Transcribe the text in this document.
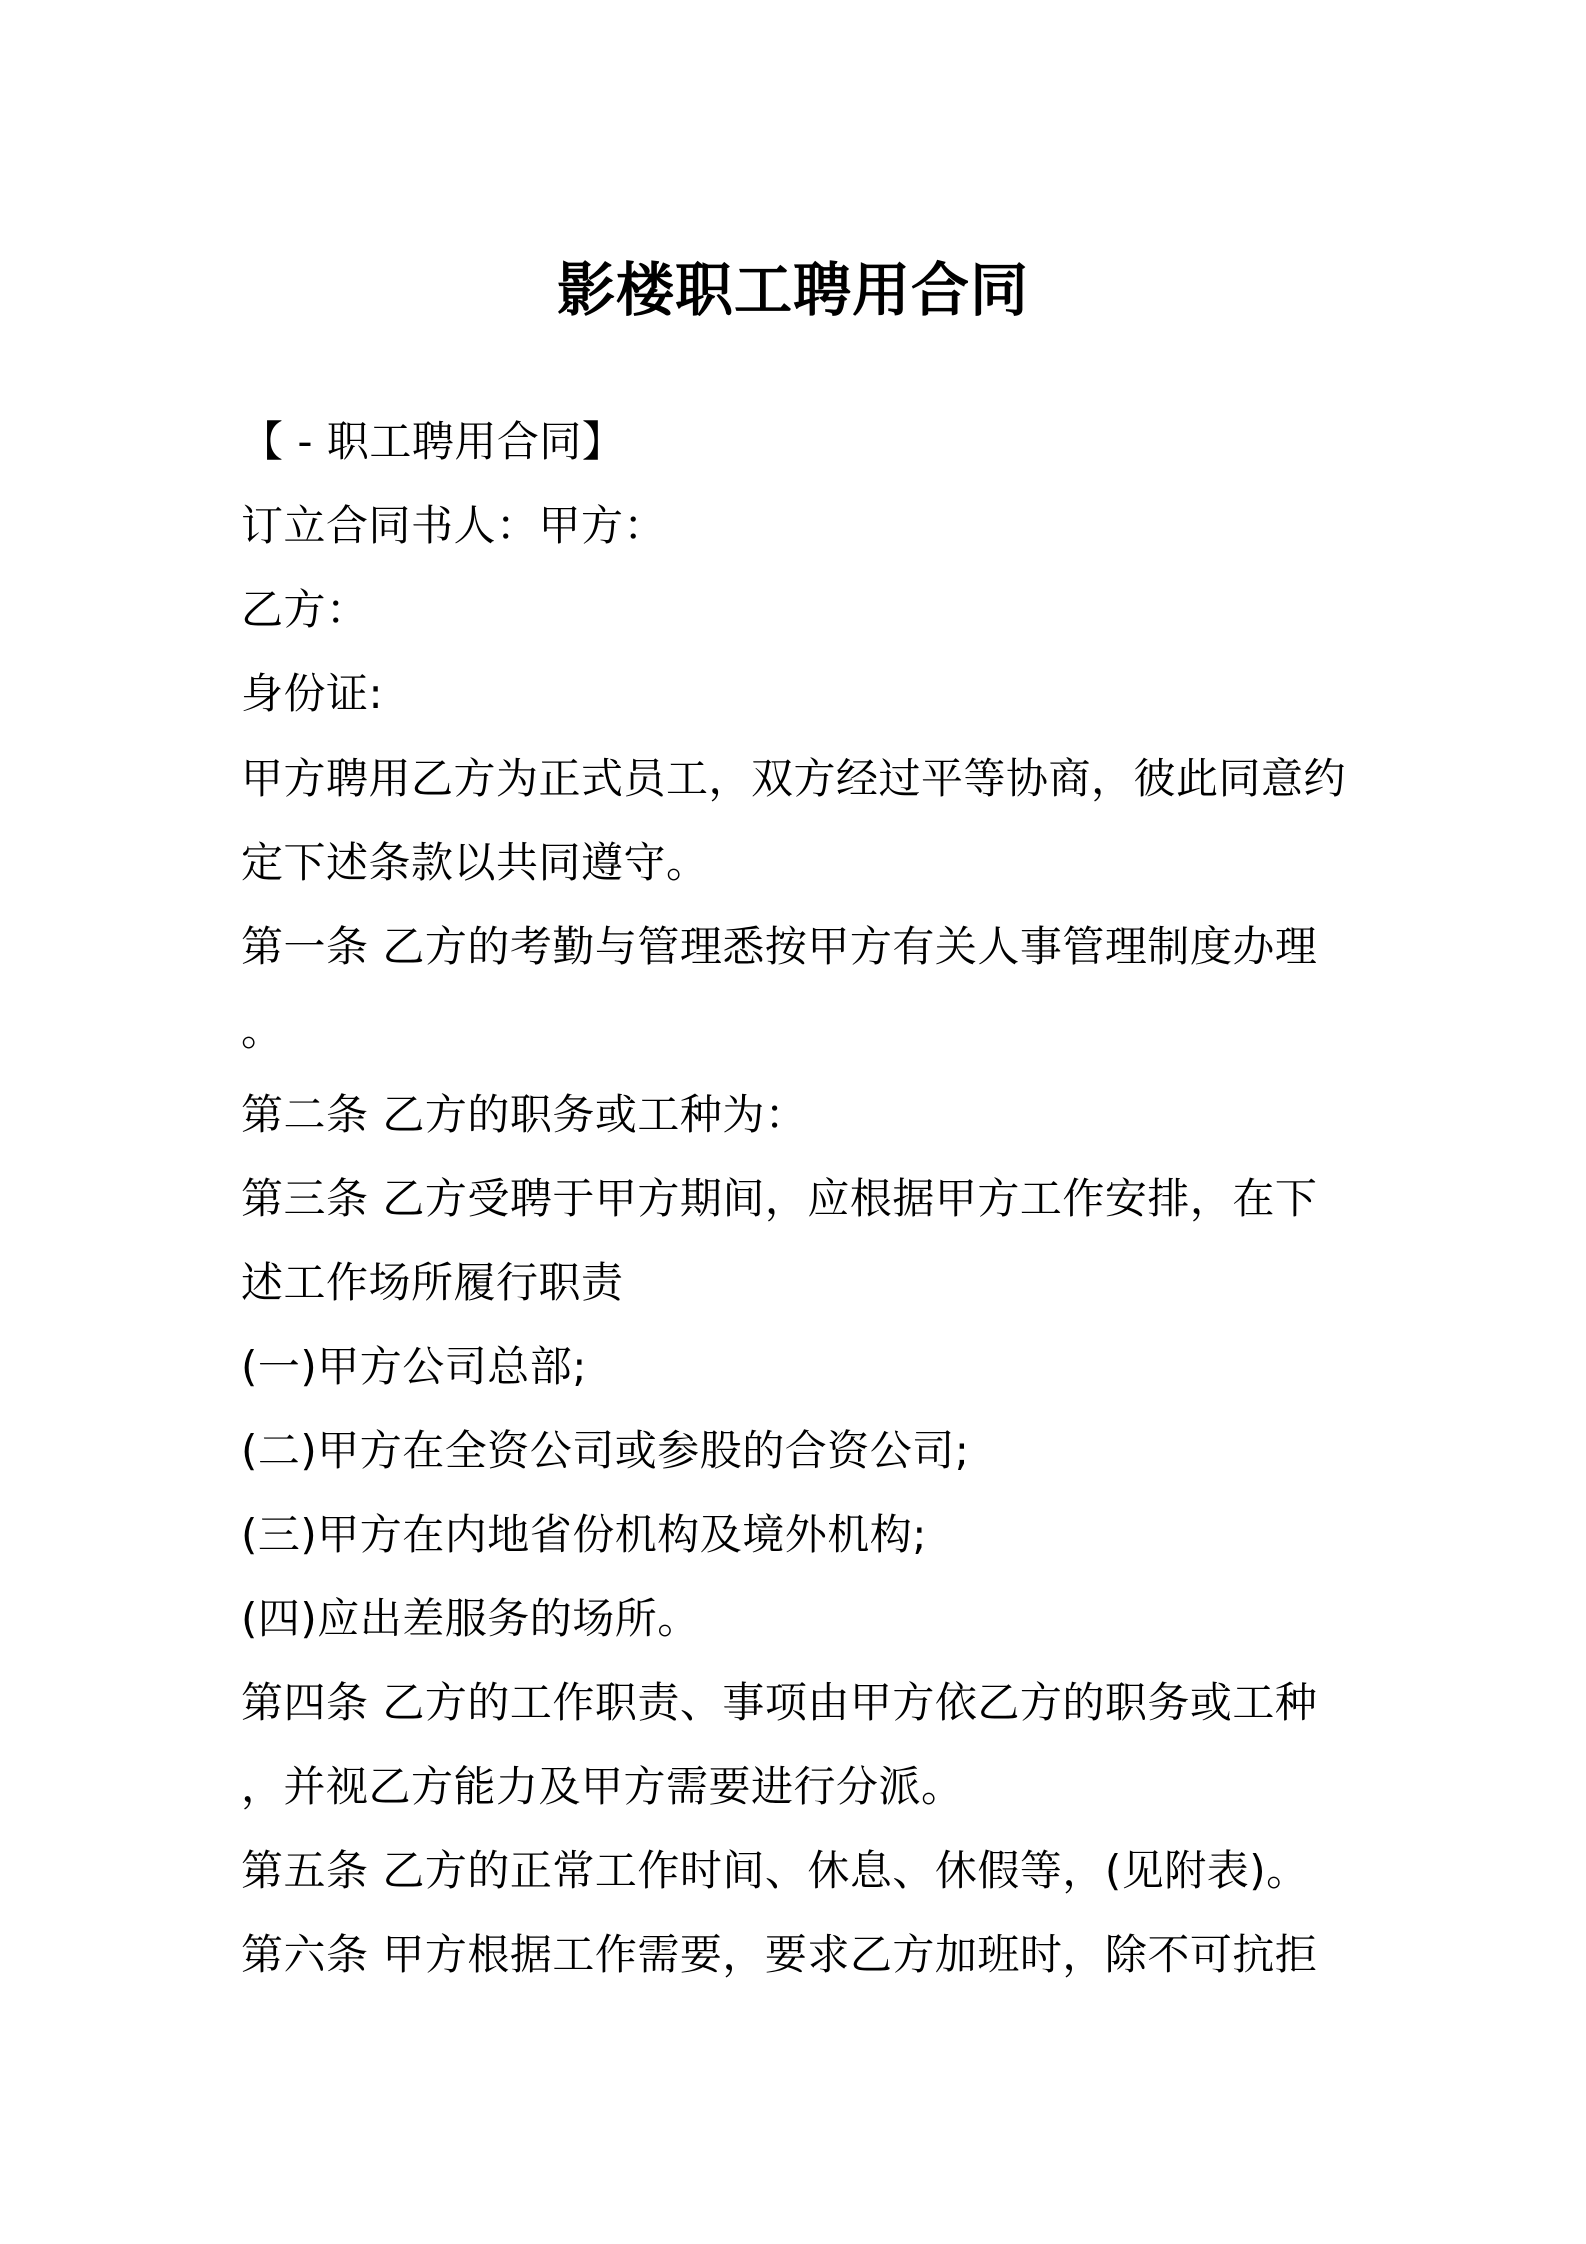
影楼职工聘用合同
【 - 职工聘用合同】
订立合同书人：甲方：
乙方：
身份证:
甲方聘用乙方为正式员工，双方经过平等协商，彼此同意约
定下述条款以共同遵守。
第一条 乙方的考勤与管理悉按甲方有关人事管理制度办理
。
第二条 乙方的职务或工种为：
第三条 乙方受聘于甲方期间，应根据甲方工作安排，在下
述工作场所履行职责
(一)甲方公司总部;
(二)甲方在全资公司或参股的合资公司;
(三)甲方在内地省份机构及境外机构;
(四)应出差服务的场所。
第四条 乙方的工作职责、事项由甲方依乙方的职务或工种
，并视乙方能力及甲方需要进行分派。
第五条 乙方的正常工作时间、休息、休假等，(见附表)。
第六条 甲方根据工作需要，要求乙方加班时，除不可抗拒
